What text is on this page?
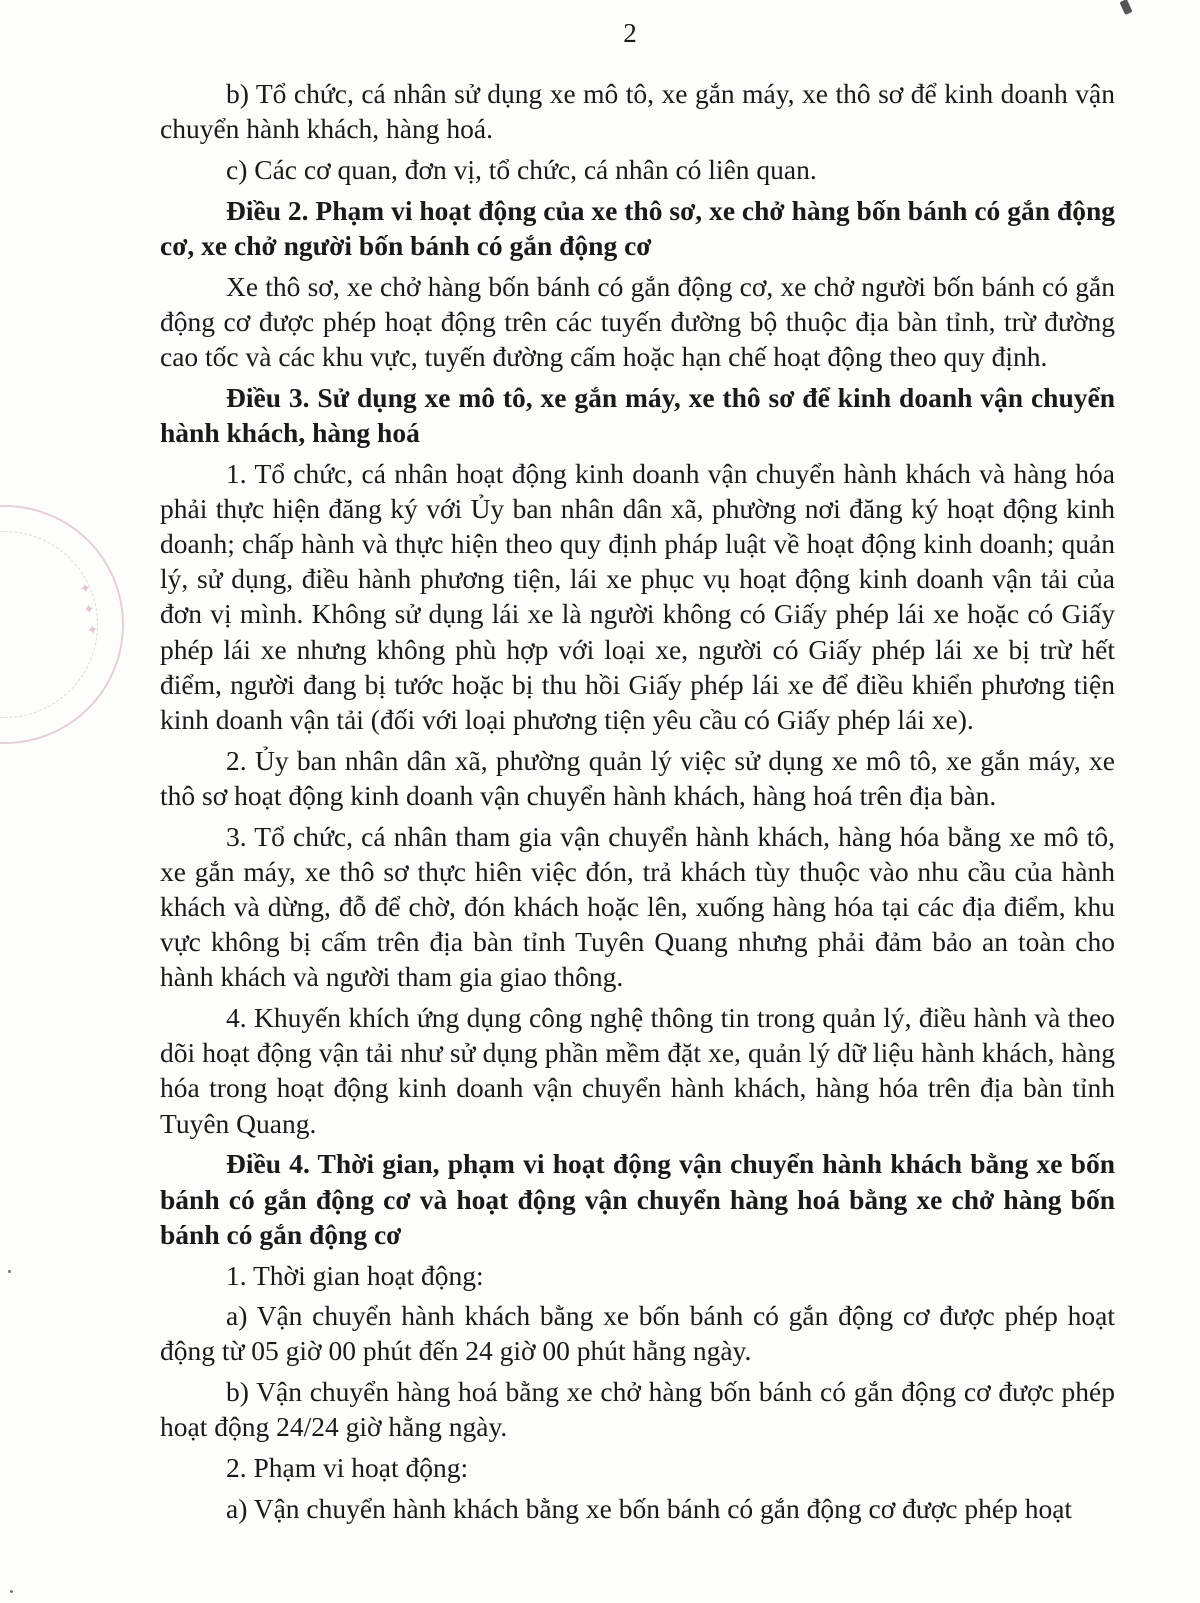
2
✦ ✦ ✦

b) Tổ chức, cá nhân sử dụng xe mô tô, xe gắn máy, xe thô sơ để kinh doanh vận chuyển hành khách, hàng hoá.

c) Các cơ quan, đơn vị, tổ chức, cá nhân có liên quan.

Điều 2. Phạm vi hoạt động của xe thô sơ, xe chở hàng bốn bánh có gắn động cơ, xe chở người bốn bánh có gắn động cơ

Xe thô sơ, xe chở hàng bốn bánh có gắn động cơ, xe chở người bốn bánh có gắn động cơ được phép hoạt động trên các tuyến đường bộ thuộc địa bàn tỉnh, trừ đường cao tốc và các khu vực, tuyến đường cấm hoặc hạn chế hoạt động theo quy định.

Điều 3. Sử dụng xe mô tô, xe gắn máy, xe thô sơ để kinh doanh vận chuyển hành khách, hàng hoá

1. Tổ chức, cá nhân hoạt động kinh doanh vận chuyển hành khách và hàng hóa phải thực hiện đăng ký với Ủy ban nhân dân xã, phường nơi đăng ký hoạt động kinh doanh; chấp hành và thực hiện theo quy định pháp luật về hoạt động kinh doanh; quản lý, sử dụng, điều hành phương tiện, lái xe phục vụ hoạt động kinh doanh vận tải của đơn vị mình. Không sử dụng lái xe là người không có Giấy phép lái xe hoặc có Giấy phép lái xe nhưng không phù hợp với loại xe, người có Giấy phép lái xe bị trừ hết điểm, người đang bị tước hoặc bị thu hồi Giấy phép lái xe để điều khiển phương tiện kinh doanh vận tải (đối với loại phương tiện yêu cầu có Giấy phép lái xe).

2. Ủy ban nhân dân xã, phường quản lý việc sử dụng xe mô tô, xe gắn máy, xe thô sơ hoạt động kinh doanh vận chuyển hành khách, hàng hoá trên địa bàn.

3. Tổ chức, cá nhân tham gia vận chuyển hành khách, hàng hóa bằng xe mô tô, xe gắn máy, xe thô sơ thực hiên việc đón, trả khách tùy thuộc vào nhu cầu của hành khách và dừng, đỗ để chờ, đón khách hoặc lên, xuống hàng hóa tại các địa điểm, khu vực không bị cấm trên địa bàn tỉnh Tuyên Quang nhưng phải đảm bảo an toàn cho hành khách và người tham gia giao thông.

4. Khuyến khích ứng dụng công nghệ thông tin trong quản lý, điều hành và theo dõi hoạt động vận tải như sử dụng phần mềm đặt xe, quản lý dữ liệu hành khách, hàng hóa trong hoạt động kinh doanh vận chuyển hành khách, hàng hóa trên địa bàn tỉnh Tuyên Quang.

Điều 4. Thời gian, phạm vi hoạt động vận chuyển hành khách bằng xe bốn bánh có gắn động cơ và hoạt động vận chuyển hàng hoá bằng xe chở hàng bốn bánh có gắn động cơ

1. Thời gian hoạt động:

a) Vận chuyển hành khách bằng xe bốn bánh có gắn động cơ được phép hoạt động từ 05 giờ 00 phút đến 24 giờ 00 phút hằng ngày.

b) Vận chuyển hàng hoá bằng xe chở hàng bốn bánh có gắn động cơ được phép hoạt động 24/24 giờ hằng ngày.

2. Phạm vi hoạt động:

a) Vận chuyển hành khách bằng xe bốn bánh có gắn động cơ được phép hoạt
